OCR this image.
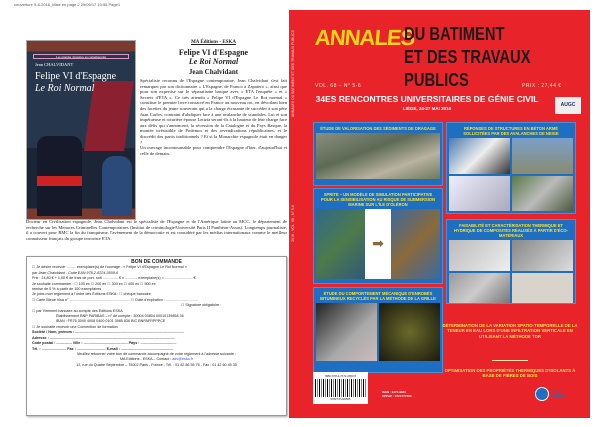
couverture 5-6-2016_Mise en page 2 29/06/17 10:55 Page1
Les grandes dynasties au contemporain
Jean CHALVIDANT
Felipe VI d'Espagne
Le Roi Normal
MA Éditions - ESKA
Felipe VI d'Espagne
Le Roi Normal
Jean Chalvidant

Spécialiste reconnu de l'Espagne contemporaine, Jean Chalvidant s'est fait remarquer par son dictionnaire « L'Espagne, de Franco à Zapatero », ainsi que pour son expertise sur le séparatisme basque avec « ETA l'enquête » et « Secrets d'ETA ». Ce très attendu « Felipe VI d'Espagne Le Roi normal » constitue le premier livre consacré en France au nouveau roi, en dévoilant bien des facettes du jeune souverain qui a la charge écrasante de succéder à son père Juan Carlos, contraint d'abdiquer face à une avalanche de scandales. Lui et son impétueuse et roturière épouse Letizia seront-ils à la hauteur de leur charge face aux défis qui s'annoncent, la sécession de la Catalogne et du Pays Basque, la montée irrésistible de Podemos et des revendications républicaines, et le discrédit des partis traditionnels ? Et si la Monarchie espagnole était en danger ?

Un ouvrage incontournable pour comprendre l'Espagne d'hier, d'aujourd'hui et celle de demain.

Docteur en Civilisation espagnole, Jean Chalvidant est le spécialiste de l'Espagne et de l'Amérique latine au MCC, le département de recherche sur les Menaces Criminelles Contemporaines (Institut de criminologie/Université Paris II Panthéon-Assas). Longtemps journaliste, il a couvert pour RMC la fin du franquisme, l'avènement de la démocratie et est considéré par les médias internationaux comme le meilleur connaisseur français du groupe terroriste ETA.
BON DE COMMANDE
☐ Je désire recevoir ......... exemplaire(s) de l'ouvrage : « Felipe VI d'Espagne Le Roi Normal »
par Jean Chalvidant - Code EAN 978-2-8224-0509-6
Prix : 24,80 € + 1,00 € de frais de port, soit ............... € x ............ exemplaire(s) = ........................... €
Je souhaite commander : ☐ 100 ex ☐ 200 ex ☐ 300 ex ☐ 400 ex ☐ 500 ex
remise de 5 % à partir de 100 exemplaires
Je joins mon règlement à l'ordre des Éditions ESKA : ☐ chèque bancaire
☐ Carte Bleue Visa n° ........................................................... ☐ Date d'expiration : ...............................
☐ Signature obligatoire :
☐ par Virement bancaire au compte des Éditions ESKA
Établissement BNP PARIBAS – n° de compte : 30004 00804 00010139858 36
IBAN : FR76 3000 4008 0400 0101 3985 836 BIC BNPAFRPPPCE
☐ Je souhaite recevoir une Convention de formation
Société / Nom, prénom : ..........................................................................................................
Adresse : ..........................................................................................................................
Code postal : ............... Ville : ........................................... Pays : ...................................
Tél. : ........................ Fax : ............................ E-mail : ...................................................
Veuillez retourner votre bon de commande accompagné de votre règlement à l'adresse suivante :
MA Editions - ESKA – Contact : adv@eska.fr
12, rue du Quatre Septembre – 75002 Paris - France - Tél. : 01 42 86 55 75 - Fax : 01 42 60 45 35
ANNALES DU BATIMENT ET DES TRAVAUX PUBLICS
2016 - VOL. 68 - N° 5-6
ANNALES
DU BATIMENT
ET DES TRAVAUX PUBLICS
VOL. 68 – N° 5-6	PRIX : 27,44 €
34ES RENCONTRES UNIVERSITAIRES DE GÉNIE CIVIL
LIÈGE, 24-27 MAI 2016
AUGC
ÉTUDE DE VALORISATION DES SÉDIMENTS DE DRAGAGE
SPRITE – UN MODÈLE DE SIMULATION PARTICIPATIVE POUR LA SENSIBILISATION AU RISQUE DE SUBMERSION MARINE SUR L'ÎLE D'OLÉRON
➡
ÉTUDE DU COMPORTEMENT MÉCANIQUE D'ENROBÉS BITUMINEUX RECYCLÉS PAR LA MÉTHODE DE LA GRILLE
RÉPONSES DE STRUCTURES EN BÉTON ARMÉ SOLLICITÉES PAR DES AVALANCHES DE NEIGE
FAISABILITÉ ET CARACTÉRISATION THERMIQUE ET HYDRIQUE DE COMPOSITES RÉALISÉS À PARTIR D'ÉCO-MATÉRIAUX
DÉTERMINATION DE LA VARIATION SPATIO-TEMPORELLE DE LA TENEUR EN EAU LORS D'UNE INFILTRATION VERTICALE EN UTILISANT LA MÉTHODE TDR
OPTIMISATION DES PROPRIÉTÉS THERMIQUES D'ISOLANTS À BASE DE FIBRES DE BOIS
ISBN 978-2-7472-2650-5
9782747226505
ISSN : 1270-9840
CPPAP : 0721T77666
Éditions
ESKA
